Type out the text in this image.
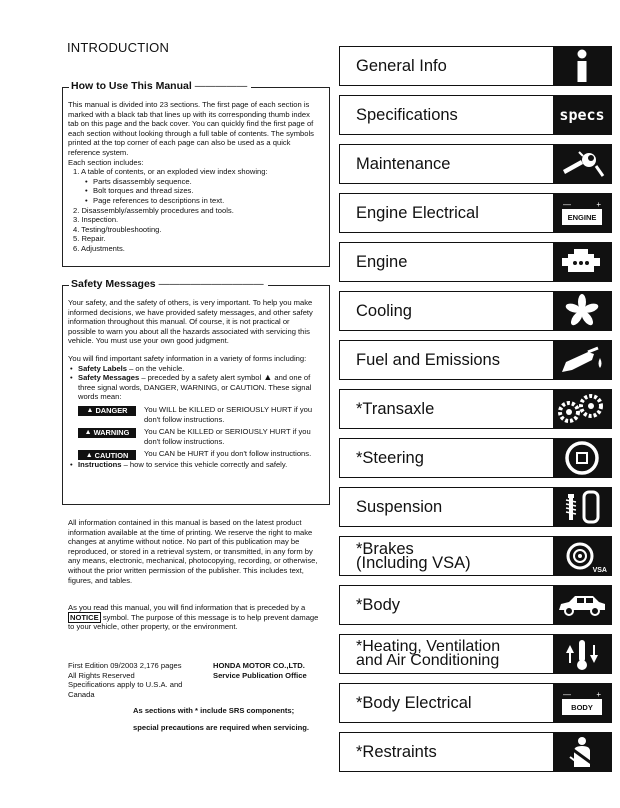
INTRODUCTION
How to Use This Manual —————

This manual is divided into 23 sections. The first page of each section is marked with a black tab that lines up with its corresponding thumb index tab on this page and the back cover. You can quickly find the first page of each section without looking through a full table of contents. The symbols printed at the top corner of each page can also be used as a quick reference system.

Each section includes:

1. A table of contents, or an exploded view index showing:

• Parts disassembly sequence.
• Bolt torques and thread sizes.
• Page references to descriptions in text.

2. Disassembly/assembly procedures and tools.

3. Inspection.

4. Testing/troubleshooting.

5. Repair.

6. Adjustments.

Safety Messages ——————————

Your safety, and the safety of others, is very important. To help you make informed decisions, we have provided safety messages, and other safety information throughout this manual. Of course, it is not practical or possible to warn you about all the hazards associated with servicing this vehicle. You must use your own good judgment.

You will find important safety information in a variety of forms including:

• Safety Labels – on the vehicle.
• Safety Messages – preceded by a safety alert symbol ▲ and one of three signal words, DANGER, WARNING, or CAUTION. These signal words mean:
▲ DANGER You WILL be KILLED or SERIOUSLY HURT if you don't follow instructions.
▲ WARNING You CAN be KILLED or SERIOUSLY HURT if you don't follow instructions.
▲ CAUTION You CAN be HURT if you don't follow instructions.
• Instructions – how to service this vehicle correctly and safely.
All information contained in this manual is based on the latest product information available at the time of printing. We reserve the right to make changes at anytime without notice. No part of this publication may be reproduced, or stored in a retrieval system, or transmitted, in any form by any means, electronic, mechanical, photocopying, recording, or otherwise, without the prior written permission of the publisher. This includes text, figures, and tables.
As you read this manual, you will find information that is preceded by a NOTICE symbol. The purpose of this message is to help prevent damage to your vehicle, other property, or the environment.

First Edition 09/2003 2,176 pages

All Rights Reserved

Specifications apply to U.S.A. and Canada

HONDA MOTOR CO.,LTD.

Service Publication Office

As sections with * include SRS components;

special precautions are required when servicing.

General Info
Specifications	specs
Maintenance
Engine Electrical	—	+
ENGINE
Engine
Cooling
Fuel and Emissions
*Transaxle
*Steering
Suspension
*Brakes
(Including VSA)	VSA
*Body
*Heating, Ventilation
and Air Conditioning
*Body Electrical	—	+
BODY
*Restraints
